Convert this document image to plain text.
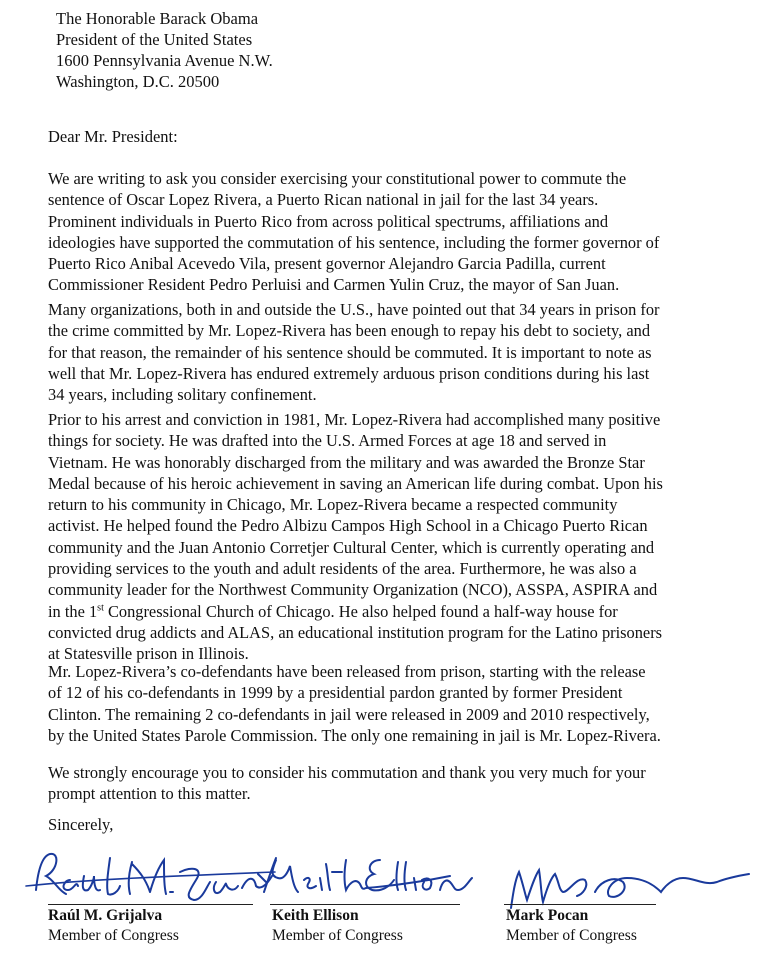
The Honorable Barack Obama
President of the United States
1600 Pennsylvania Avenue N.W.
Washington, D.C. 20500
Dear Mr. President:

We are writing to ask you consider exercising your constitutional power to commute the
sentence of Oscar Lopez Rivera, a Puerto Rican national in jail for the last 34 years.
Prominent individuals in Puerto Rico from across political spectrums, affiliations and
ideologies have supported the commutation of his sentence, including the former governor of
Puerto Rico Anibal Acevedo Vila, present governor Alejandro Garcia Padilla, current
Commissioner Resident Pedro Perluisi and Carmen Yulin Cruz, the mayor of San Juan.

Many organizations, both in and outside the U.S., have pointed out that 34 years in prison for
the crime committed by Mr. Lopez-Rivera has been enough to repay his debt to society, and
for that reason, the remainder of his sentence should be commuted. It is important to note as
well that Mr. Lopez-Rivera has endured extremely arduous prison conditions during his last
34 years, including solitary confinement.

Prior to his arrest and conviction in 1981, Mr. Lopez-Rivera had accomplished many positive
things for society. He was drafted into the U.S. Armed Forces at age 18 and served in
Vietnam. He was honorably discharged from the military and was awarded the Bronze Star
Medal because of his heroic achievement in saving an American life during combat. Upon his
return to his community in Chicago, Mr. Lopez-Rivera became a respected community
activist. He helped found the Pedro Albizu Campos High School in a Chicago Puerto Rican
community and the Juan Antonio Corretjer Cultural Center, which is currently operating and
providing services to the youth and adult residents of the area. Furthermore, he was also a
community leader for the Northwest Community Organization (NCO), ASSPA, ASPIRA and
in the 1st Congressional Church of Chicago. He also helped found a half-way house for
convicted drug addicts and ALAS, an educational institution program for the Latino prisoners
at Statesville prison in Illinois.

Mr. Lopez-Rivera’s co-defendants have been released from prison, starting with the release
of 12 of his co-defendants in 1999 by a presidential pardon granted by former President
Clinton. The remaining 2 co-defendants in jail were released in 2009 and 2010 respectively,
by the United States Parole Commission. The only one remaining in jail is Mr. Lopez-Rivera.

We strongly encourage you to consider his commutation and thank you very much for your
prompt attention to this matter.

Sincerely,
Raúl M. Grijalva
Member of Congress
Keith Ellison
Member of Congress
Mark Pocan
Member of Congress
